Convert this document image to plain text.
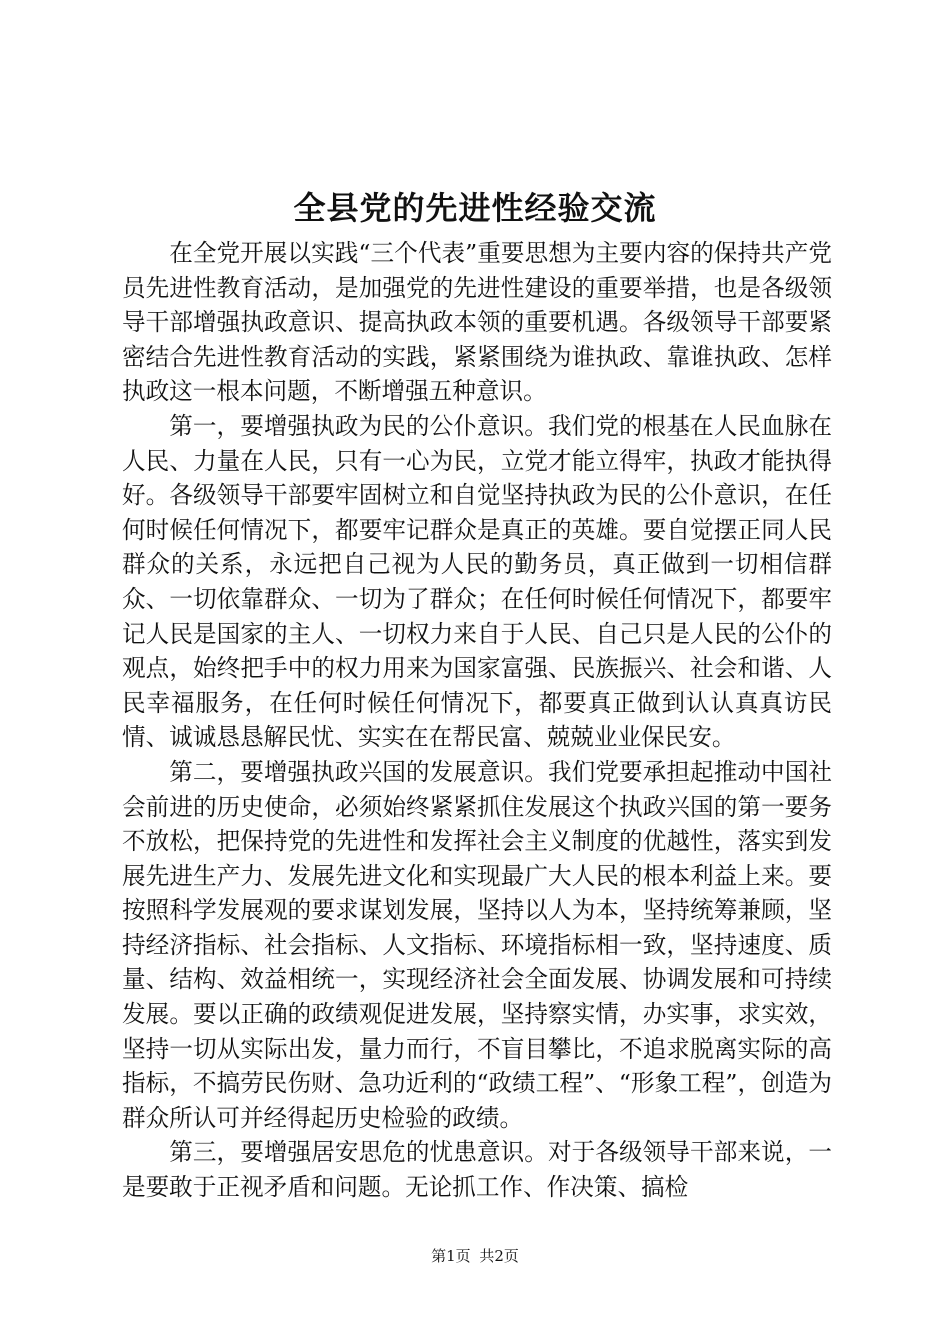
全县党的先进性经验交流

在全党开展以实践“三个代表”重要思想为主要内容的保持共产党员先进性教育活动，是加强党的先进性建设的重要举措，也是各级领导干部增强执政意识、提高执政本领的重要机遇。各级领导干部要紧密结合先进性教育活动的实践，紧紧围绕为谁执政、靠谁执政、怎样执政这一根本问题，不断增强五种意识。

第一，要增强执政为民的公仆意识。我们党的根基在人民血脉在人民、力量在人民，只有一心为民，立党才能立得牢，执政才能执得好。各级领导干部要牢固树立和自觉坚持执政为民的公仆意识，在任何时候任何情况下，都要牢记群众是真正的英雄。要自觉摆正同人民群众的关系，永远把自己视为人民的勤务员，真正做到一切相信群众、一切依靠群众、一切为了群众；在任何时候任何情况下，都要牢记人民是国家的主人、一切权力来自于人民、自己只是人民的公仆的观点，始终把手中的权力用来为国家富强、民族振兴、社会和谐、人民幸福服务，在任何时候任何情况下，都要真正做到认认真真访民情、诚诚恳恳解民忧、实实在在帮民富、兢兢业业保民安。

第二，要增强执政兴国的发展意识。我们党要承担起推动中国社会前进的历史使命，必须始终紧紧抓住发展这个执政兴国的第一要务不放松，把保持党的先进性和发挥社会主义制度的优越性，落实到发展先进生产力、发展先进文化和实现最广大人民的根本利益上来。要按照科学发展观的要求谋划发展，坚持以人为本，坚持统筹兼顾，坚持经济指标、社会指标、人文指标、环境指标相一致，坚持速度、质量、结构、效益相统一，实现经济社会全面发展、协调发展和可持续发展。要以正确的政绩观促进发展，坚持察实情，办实事，求实效，坚持一切从实际出发，量力而行，不盲目攀比，不追求脱离实际的高指标，不搞劳民伤财、急功近利的“政绩工程”、“形象工程”，创造为群众所认可并经得起历史检验的政绩。

第三，要增强居安思危的忧患意识。对于各级领导干部来说，一是要敢于正视矛盾和问题。无论抓工作、作决策、搞检

第1页 共2页
